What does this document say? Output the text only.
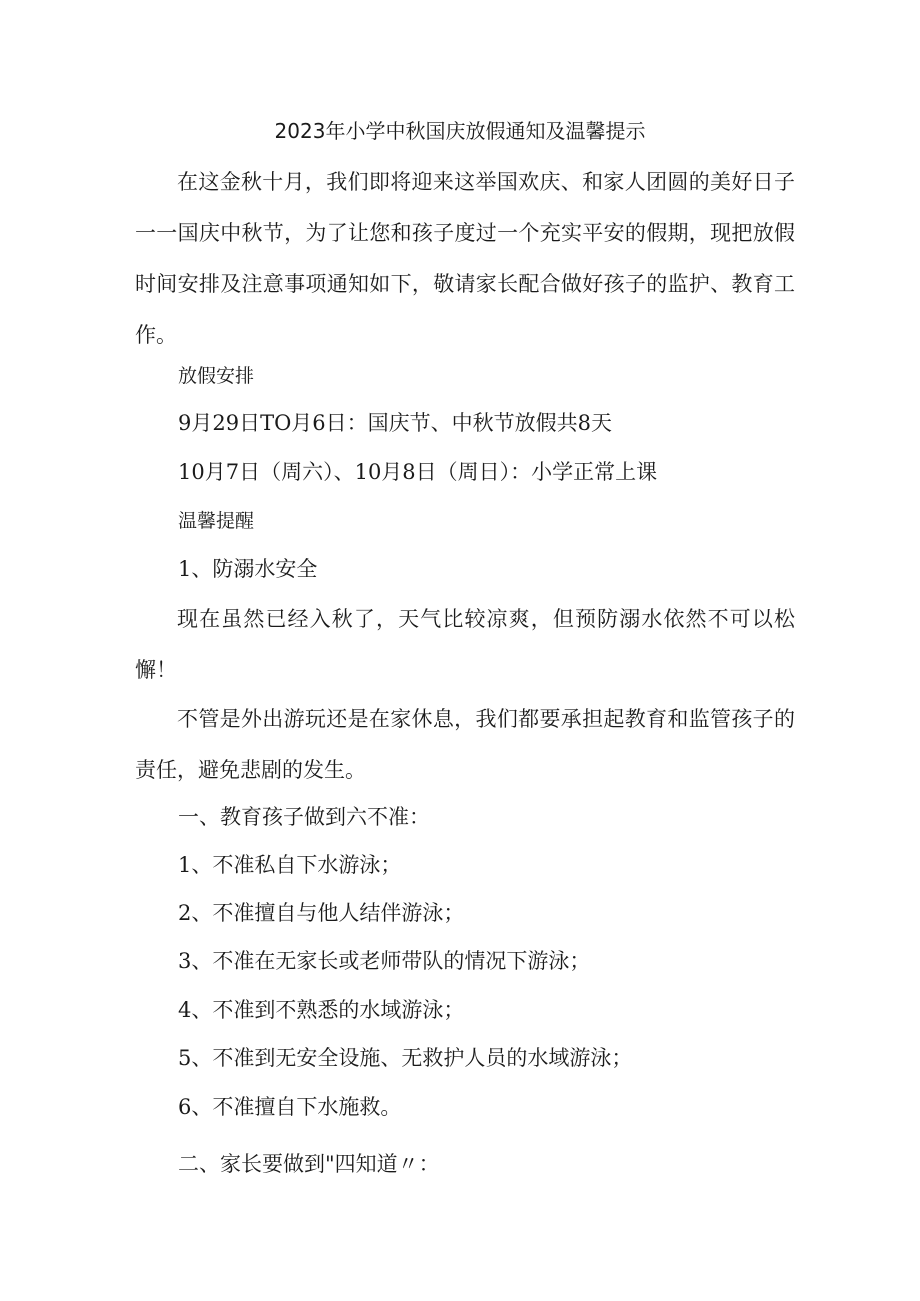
2023年小学中秋国庆放假通知及温馨提示
在这金秋十月，我们即将迎来这举国欢庆、和家人团圆的美好日子一一国庆中秋节，为了让您和孩子度过一个充实平安的假期，现把放假时间安排及注意事项通知如下，敬请家长配合做好孩子的监护、教育工作。
放假安排
9月29日TO月6日：国庆节、中秋节放假共8天
10月7日（周六）、10月8日（周日）：小学正常上课
温馨提醒
1、防溺水安全
现在虽然已经入秋了，天气比较凉爽，但预防溺水依然不可以松懈！
不管是外出游玩还是在家休息，我们都要承担起教育和监管孩子的责任，避免悲剧的发生。
一、教育孩子做到六不准：
1、不准私自下水游泳；
2、不准擅自与他人结伴游泳；
3、不准在无家长或老师带队的情况下游泳；
4、不准到不熟悉的水域游泳；
5、不准到无安全设施、无救护人员的水域游泳；
6、不准擅自下水施救。
二、家长要做到"四知道〃：
